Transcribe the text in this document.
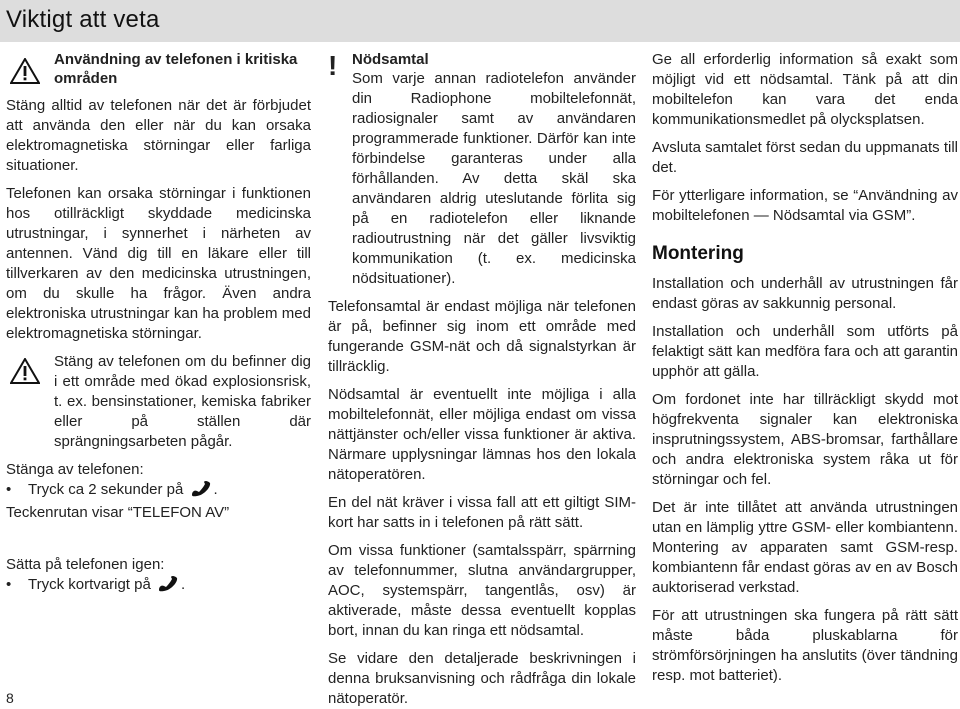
Viktigt att veta

Användning av telefonen i kritiska områden

Stäng alltid av telefonen när det är förbjudet att använda den eller när du kan orsaka elektromagnetiska störningar eller farliga situationer.

Telefonen kan orsaka störningar i funktionen hos otillräckligt skyddade medicinska utrustningar, i synnerhet i närheten av antennen. Vänd dig till en läkare eller till tillverkaren av den medicinska utrustningen, om du skulle ha frågor. Även andra elektroniska utrustningar kan ha problem med elektromagnetiska störningar.

Stäng av telefonen om du befinner dig i ett område med ökad explosionsrisk, t. ex. bensinstationer, kemiska fabriker eller på ställen där sprängningsarbeten pågår.

Stänga av telefonen:

• Tryck ca 2 sekunder på .

Teckenrutan visar “TELEFON AV”

Sätta på telefonen igen:

• Tryck kortvarigt på .

! Nödsamtal

Som varje annan radiotelefon använder din Radiophone mobiltelefonnät, radiosignaler samt av användaren programmerade funktioner. Därför kan inte förbindelse garanteras under alla förhållanden. Av detta skäl ska användaren aldrig uteslutande förlita sig på en radiotelefon eller liknande radioutrustning när det gäller livsviktig kommunikation (t. ex. medicinska nödsituationer).

Telefonsamtal är endast möjliga när telefonen är på, befinner sig inom ett område med fungerande GSM-nät och då signalstyrkan är tillräcklig.

Nödsamtal är eventuellt inte möjliga i alla mobiltelefonnät, eller möjliga endast om vissa nättjänster och/eller vissa funktioner är aktiva. Närmare upplysningar lämnas hos den lokala nätoperatören.

En del nät kräver i vissa fall att ett giltigt SIM-kort har satts in i telefonen på rätt sätt.

Om vissa funktioner (samtalsspärr, spärrning av telefonnummer, slutna användargrupper, AOC, systemspärr, tangentlås, osv) är aktiverade, måste dessa eventuellt kopplas bort, innan du kan ringa ett nödsamtal.

Se vidare den detaljerade beskrivningen i denna bruksanvisning och rådfråga din lokale nätoperatör.

Ge all erforderlig information så exakt som möjligt vid ett nödsamtal. Tänk på att din mobiltelefon kan vara det enda kommunikationsmedlet på olycksplatsen.

Avsluta samtalet först sedan du uppmanats till det.

För ytterligare information, se “Användning av mobiltelefonen — Nödsamtal via GSM”.

Montering

Installation och underhåll av utrustningen får endast göras av sakkunnig personal.

Installation och underhåll som utförts på felaktigt sätt kan medföra fara och att garantin upphör att gälla.

Om fordonet inte har tillräckligt skydd mot högfrekventa signaler kan elektroniska insprutningssystem, ABS-bromsar, farthållare och andra elektroniska system råka ut för störningar och fel.

Det är inte tillåtet att använda utrustningen utan en lämplig yttre GSM- eller kombiantenn. Montering av apparaten samt GSM-resp. kombiantenn får endast göras av en av Bosch auktoriserad verkstad.

För att utrustningen ska fungera på rätt sätt måste båda pluskablarna för strömförsörjningen ha anslutits (över tändning resp. mot batteriet).

8
